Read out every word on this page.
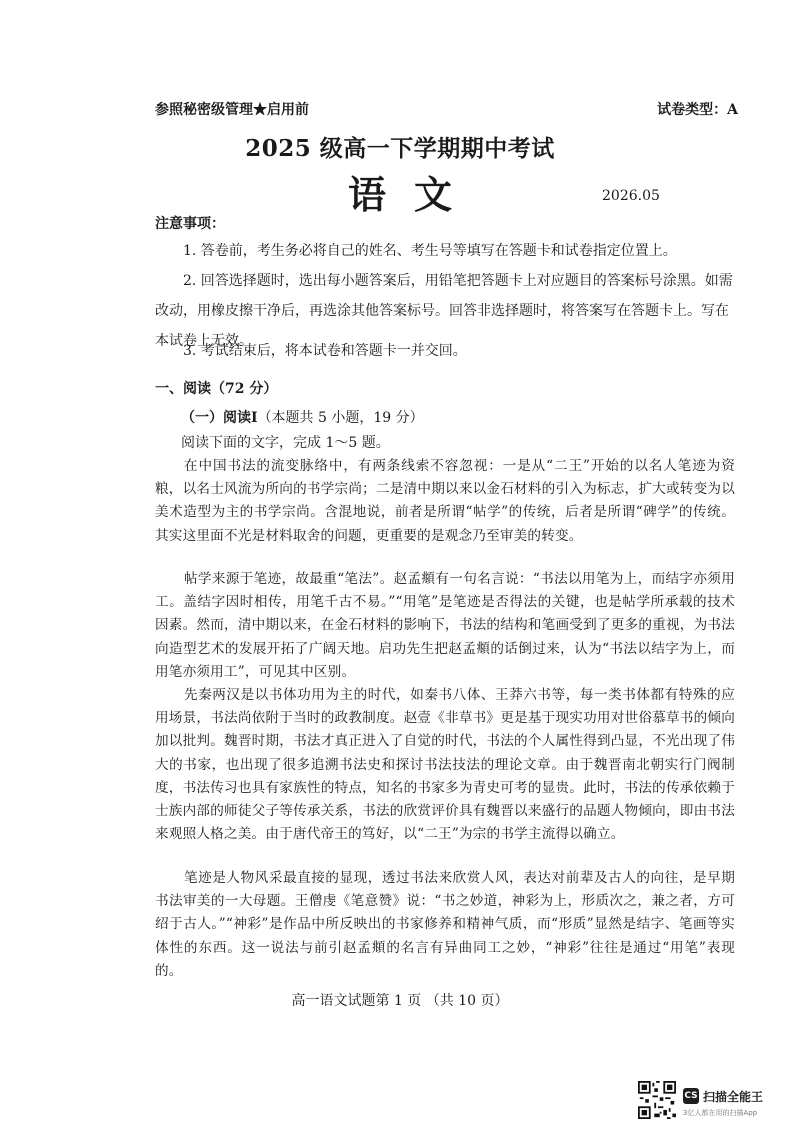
参照秘密级管理★启用前	试卷类型：A
2025 级高一下学期期中考试
语文	2026.05
注意事项：
1. 答卷前，考生务必将自己的姓名、考生号等填写在答题卡和试卷指定位置上。
2. 回答选择题时，选出每小题答案后，用铅笔把答题卡上对应题目的答案标号涂黑。如需改动，用橡皮擦干净后，再选涂其他答案标号。回答非选择题时，将答案写在答题卡上。写在本试卷上无效。
3. 考试结束后，将本试卷和答题卡一并交回。
一、阅读（72 分）
（一）阅读Ⅰ（本题共 5 小题，19 分）
阅读下面的文字，完成 1～5 题。
在中国书法的流变脉络中，有两条线索不容忽视：一是从“二王”开始的以名人笔迹为资粮，以名士风流为所向的书学宗尚；二是清中期以来以金石材料的引入为标志，扩大或转变为以美术造型为主的书学宗尚。含混地说，前者是所谓“帖学”的传统，后者是所谓“碑学”的传统。其实这里面不光是材料取舍的问题，更重要的是观念乃至审美的转变。
帖学来源于笔迹，故最重“笔法”。赵孟頫有一句名言说：“书法以用笔为上，而结字亦须用工。盖结字因时相传，用笔千古不易。”“用笔”是笔迹是否得法的关键，也是帖学所承载的技术因素。然而，清中期以来，在金石材料的影响下，书法的结构和笔画受到了更多的重视，为书法向造型艺术的发展开拓了广阔天地。启功先生把赵孟頫的话倒过来，认为“书法以结字为上，而用笔亦须用工”，可见其中区别。
先秦两汉是以书体功用为主的时代，如秦书八体、王莽六书等，每一类书体都有特殊的应用场景，书法尚依附于当时的政教制度。赵壹《非草书》更是基于现实功用对世俗慕草书的倾向加以批判。魏晋时期，书法才真正进入了自觉的时代，书法的个人属性得到凸显，不光出现了伟大的书家，也出现了很多追溯书法史和探讨书法技法的理论文章。由于魏晋南北朝实行门阀制度，书法传习也具有家族性的特点，知名的书家多为青史可考的显贵。此时，书法的传承依赖于士族内部的师徒父子等传承关系，书法的欣赏评价具有魏晋以来盛行的品题人物倾向，即由书法来观照人格之美。由于唐代帝王的笃好，以“二王”为宗的书学主流得以确立。
笔迹是人物风采最直接的显现，透过书法来欣赏人风，表达对前辈及古人的向往，是早期书法审美的一大母题。王僧虔《笔意赞》说：“书之妙道，神彩为上，形质次之，兼之者，方可绍于古人。”“神彩”是作品中所反映出的书家修养和精神气质，而“形质”显然是结字、笔画等实体性的东西。这一说法与前引赵孟頫的名言有异曲同工之妙，“神彩”往往是通过“用笔”表现的。
高一语文试题第 1 页 （共 10 页）
CS 扫描全能王
3亿人都在用的扫描App
